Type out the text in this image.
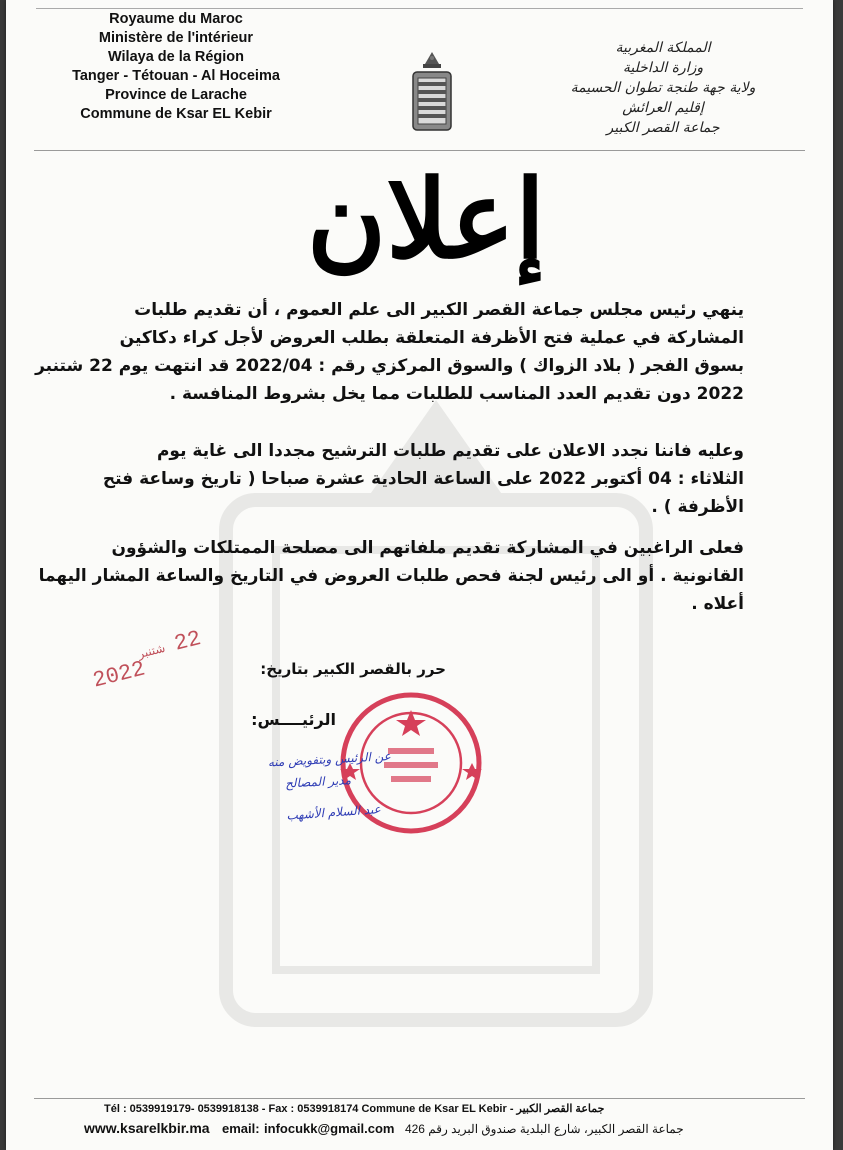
Royaume du Maroc
Ministère de l'intérieur
Wilaya de la Région
Tanger - Tétouan - Al Hoceima
Province de Larache
Commune de Ksar EL Kebir
المملكة المغربية
وزارة الداخلية
ولاية جهة طنجة تطوان الحسيمة
إقليم العرائش
جماعة القصر الكبير
إعلان
ينهي رئيس مجلس جماعة القصر الكبير الى علم العموم ، أن تقديم طلبات
المشاركة في عملية فتح الأظرفة المتعلقة بطلب العروض لأجل كراء دكاكين
بسوق الفجر ( بلاد الزواك ) والسوق المركزي رقم : 2022/04 قد انتهت يوم 22 شتنبر
2022 دون تقديم العدد المناسب للطلبات مما يخل بشروط المنافسة .
وعليه فاننا نجدد الاعلان على تقديم طلبات الترشيح مجددا الى غاية يوم
الثلاثاء : 04 أكتوبر 2022 على الساعة الحادية عشرة صباحا ( تاريخ وساعة فتح
الأظرفة ) .
فعلى الراغبين في المشاركة تقديم ملفاتهم الى مصلحة الممتلكات والشؤون
القانونية . أو الى رئيس لجنة فحص طلبات العروض في التاريخ والساعة المشار اليهما
أعلاه .
22
شتنبر
2022	حرر بالقصر الكبير بتاريخ:
الرئيــــس:
عن الرئيس وبتفويض منه
مدير المصالح
عبد السلام الأشهب
Tél : 0539919179- 0539918138 - Fax : 0539918174 Commune de Ksar EL Kebir - جماعة القصر الكبير
www.ksarelkbir.ma email: infocukk@gmail.com جماعة القصر الكبير، شارع البلدية صندوق البريد رقم 426
